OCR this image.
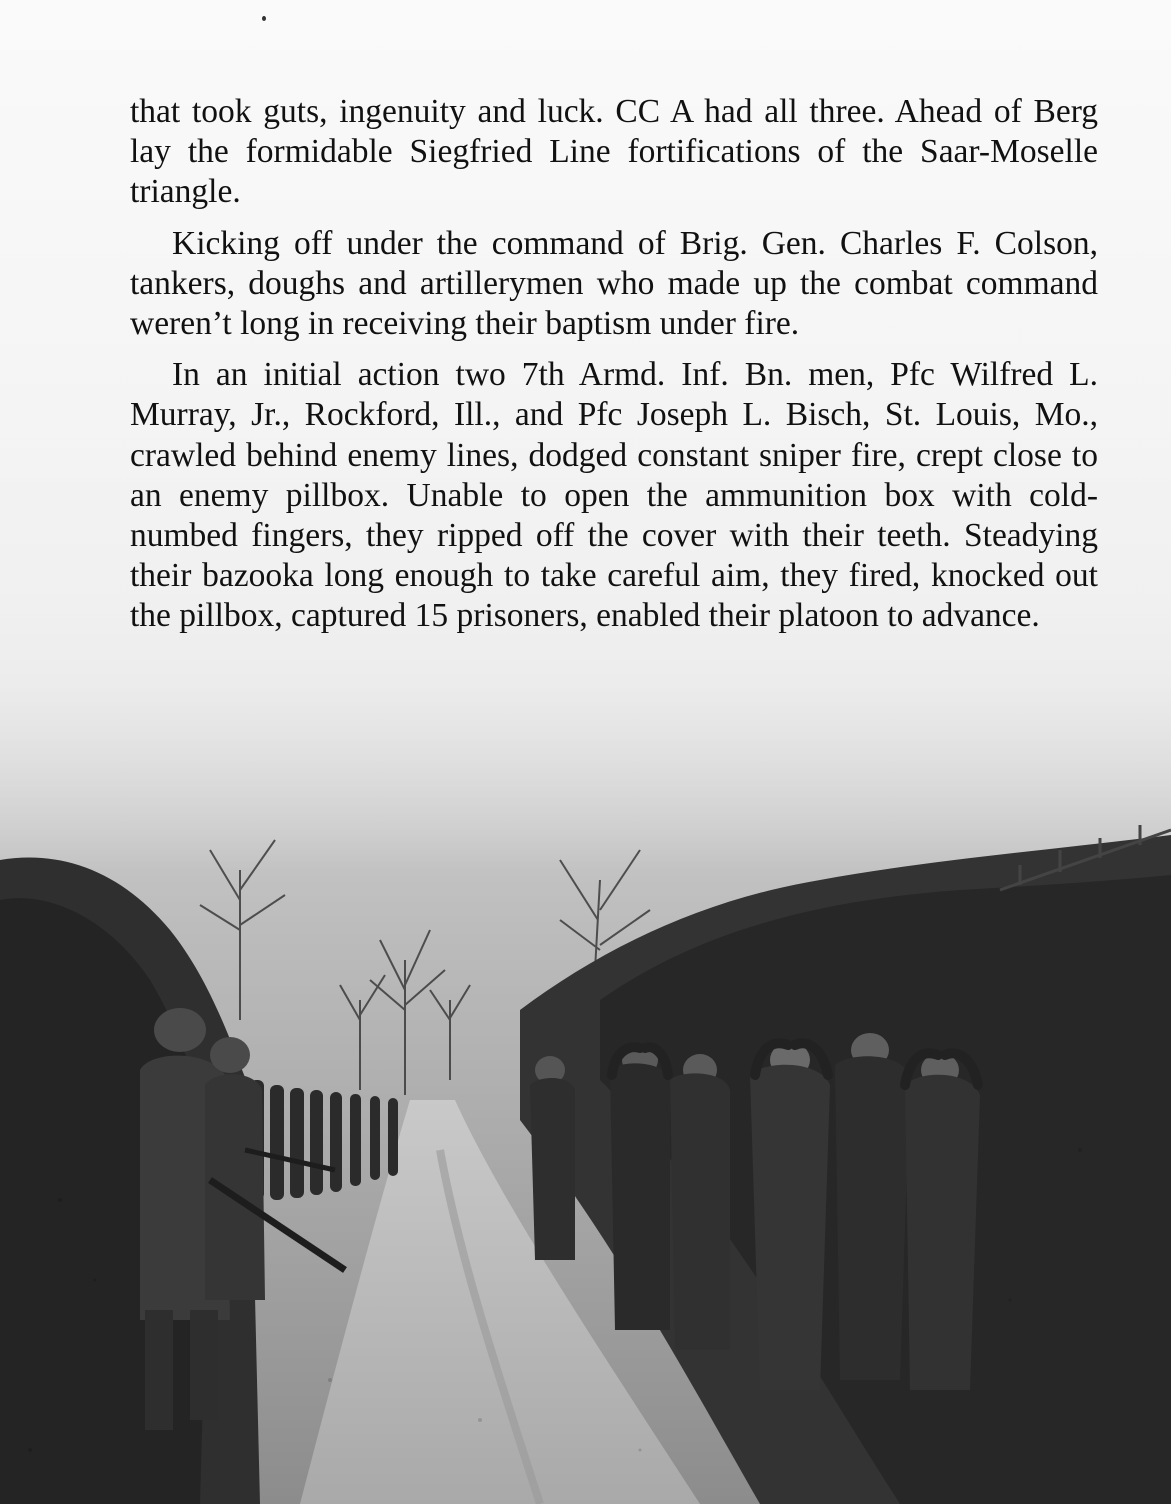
that took guts, ingenuity and luck. CC A had all three. Ahead of Berg lay the formidable Siegfried Line fortifications of the Saar-Moselle triangle.

Kicking off under the command of Brig. Gen. Charles F. Colson, tankers, doughs and artillerymen who made up the combat command weren’t long in receiving their baptism under fire.

In an initial action two 7th Armd. Inf. Bn. men, Pfc Wilfred L. Murray, Jr., Rockford, Ill., and Pfc Joseph L. Bisch, St. Louis, Mo., crawled behind enemy lines, dodged constant sniper fire, crept close to an enemy pillbox. Unable to open the ammunition box with cold-numbed fingers, they ripped off the cover with their teeth. Steadying their bazooka long enough to take careful aim, they fired, knocked out the pillbox, captured 15 prisoners, enabled their platoon to advance.
